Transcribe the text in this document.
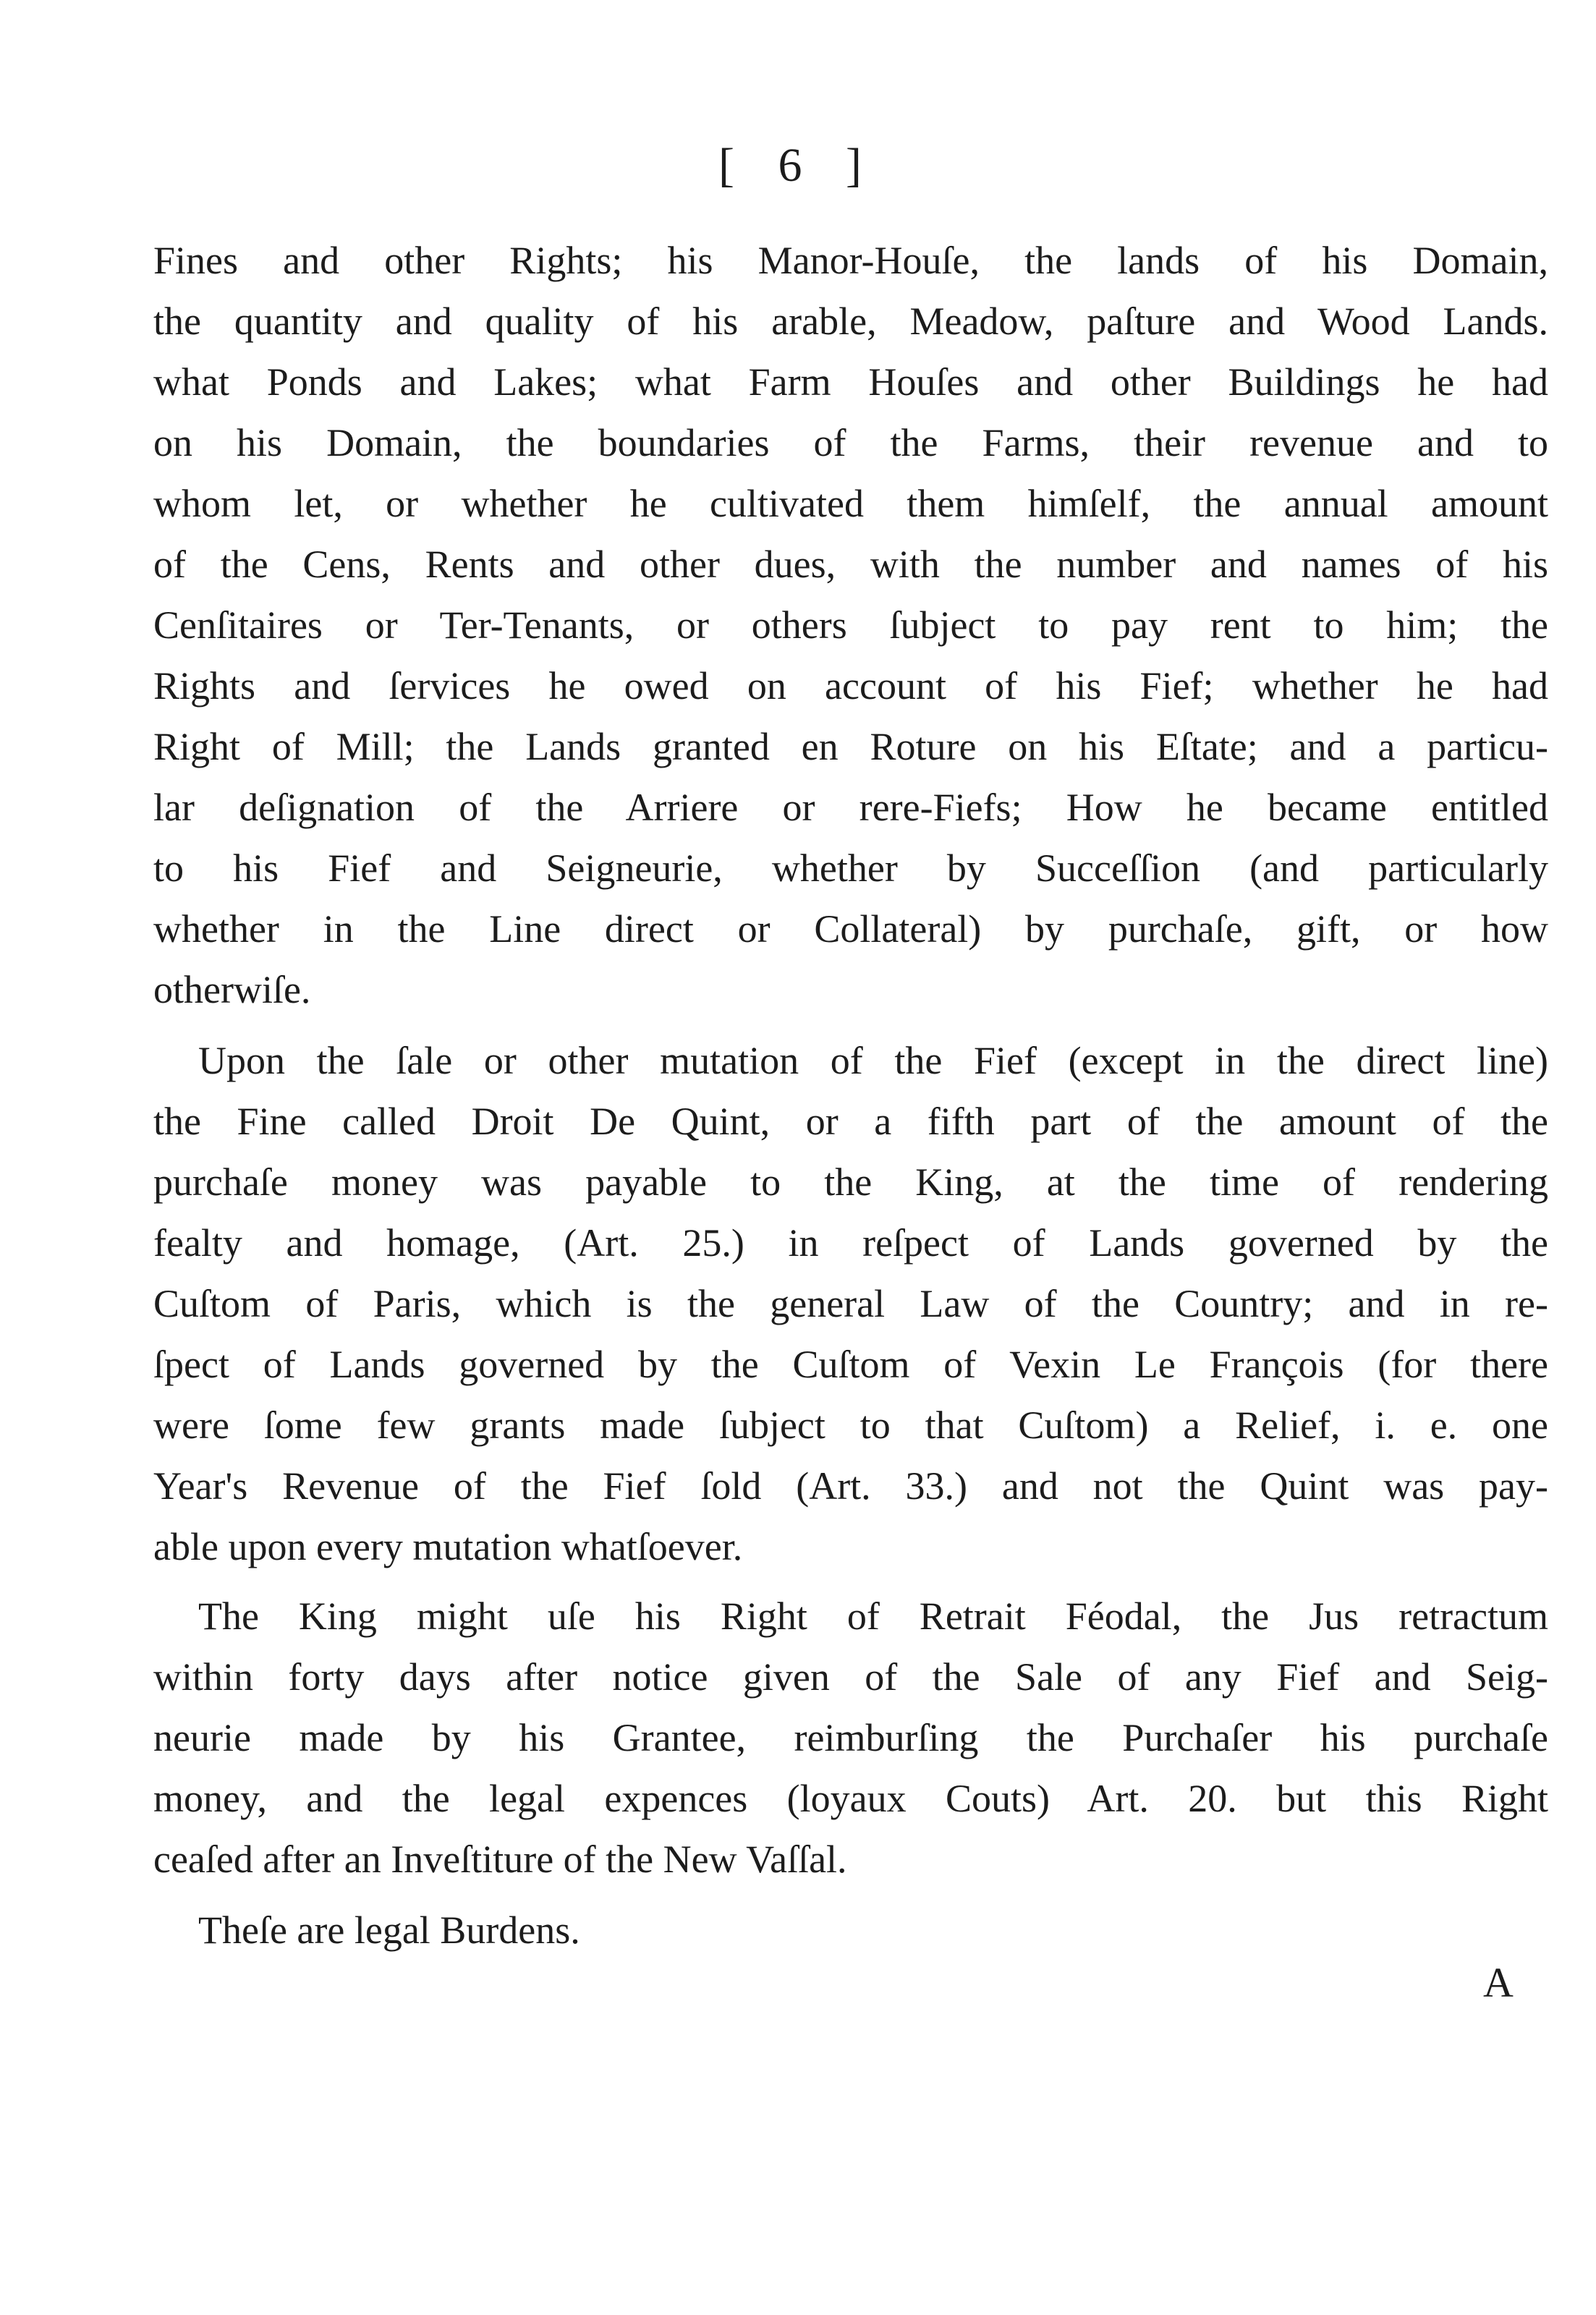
[ 6 ]
Fines and other Rights; his Manor-Houſe, the lands of his Domain,
the quantity and quality of his arable, Meadow, paſture and Wood Lands.
what Ponds and Lakes; what Farm Houſes and other Buildings he had
on his Domain, the boundaries of the Farms, their revenue and to
whom let, or whether he cultivated them himſelf, the annual amount
of the Cens, Rents and other dues, with the number and names of his
Cenſitaires or Ter-Tenants, or others ſubject to pay rent to him; the
Rights and ſervices he owed on account of his Fief; whether he had
Right of Mill; the Lands granted en Roture on his Eſtate; and a particu-
lar deſignation of the Arriere or rere-Fiefs; How he became entitled
to his Fief and Seigneurie, whether by Succeſſion (and particularly
whether in the Line direct or Collateral) by purchaſe, gift, or how
otherwiſe.
Upon the ſale or other mutation of the Fief (except in the direct line)
the Fine called Droit De Quint, or a fifth part of the amount of the
purchaſe money was payable to the King, at the time of rendering
fealty and homage, (Art. 25.) in reſpect of Lands governed by the
Cuſtom of Paris, which is the general Law of the Country; and in re-
ſpect of Lands governed by the Cuſtom of Vexin Le François (for there
were ſome few grants made ſubject to that Cuſtom) a Relief, i. e. one
Year's Revenue of the Fief ſold (Art. 33.) and not the Quint was pay-
able upon every mutation whatſoever.
The King might uſe his Right of Retrait Féodal, the Jus retractum
within forty days after notice given of the Sale of any Fief and Seig-
neurie made by his Grantee, reimburſing the Purchaſer his purchaſe
money, and the legal expences (loyaux Couts) Art. 20. but this Right
ceaſed after an Inveſtiture of the New Vaſſal.
Theſe are legal Burdens.
A
